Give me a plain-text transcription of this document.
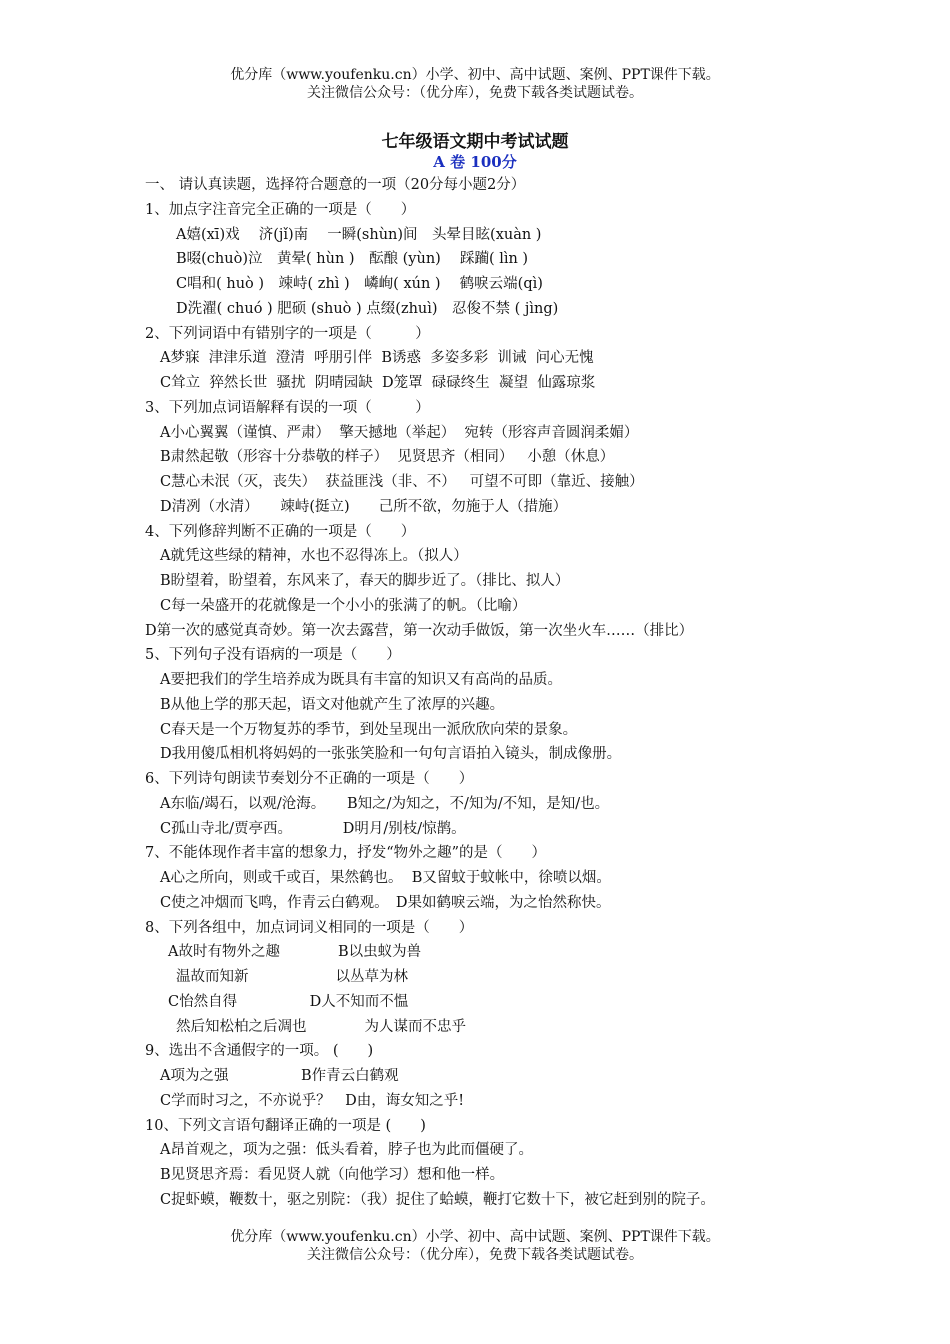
优分库（www.youfenku.cn）小学、初中、高中试题、案例、PPT课件下载。
关注微信公众号：（优分库），免费下载各类试题试卷。
七年级语文期中考试试题
A 卷 100分
一、 请认真读题，选择符合题意的一项（20分每小题2分）
1、加点字注音完全正确的一项是（　　）
A嬉(xī)戏　 济(jǐ)南　 一瞬(shùn)间　头晕目眩(xuàn )
B啜(chuò)泣　黄晕( hùn )　酝酿 (yùn)　 踩躏( lìn )
C唱和( huò )　竦峙( zhì )　嶙峋( xún )　 鹤唳云端(qì)
D洗濯( chuó ) 肥硕 (shuò ) 点缀(zhuì)　忍俊不禁 ( jìng)
2、下列词语中有错别字的一项是（　　　）
A梦寐  津津乐道  澄清  呼朋引伴  B诱惑  多姿多彩  训诫  问心无愧
C耸立  猝然长世  骚扰  阴晴园缺  D笼罩  碌碌终生  凝望  仙露琼浆
3、下列加点词语解释有误的一项（　　　）
A小心翼翼（谨慎、严肃）  擎天撼地（举起）  宛转（形容声音圆润柔媚）
B肃然起敬（形容十分恭敬的样子）  见贤思齐（相同）   小憩（休息）
C慧心未泯（灭，丧失）  获益匪浅（非、不）   可望不可即（靠近、接触）
D清冽（水清）　　竦峙(挺立)　　己所不欲，勿施于人（措施）
4、下列修辞判断不正确的一项是（　　）
A就凭这些绿的精神，水也不忍得冻上。（拟人）
B盼望着，盼望着，东风来了，春天的脚步近了。（排比、拟人）
C每一朵盛开的花就像是一个小小的张满了的帆。（比喻）
D第一次的感觉真奇妙。第一次去露营，第一次动手做饭，第一次坐火车……（排比）
5、下列句子没有语病的一项是（　　）
A要把我们的学生培养成为既具有丰富的知识又有高尚的品质。
B从他上学的那天起，语文对他就产生了浓厚的兴趣。
C春天是一个万物复苏的季节，到处呈现出一派欣欣向荣的景象。
D我用傻瓜相机将妈妈的一张张笑脸和一句句言语拍入镜头，制成像册。
6、下列诗句朗读节奏划分不正确的一项是（　　）
A东临/竭石，以观/沧海。　　B知之/为知之，不/知为/不知，是知/也。
C孤山寺北/贾亭西。　　　　D明月/别枝/惊鹊。
7、不能体现作者丰富的想象力，抒发“物外之趣”的是（　　）
A心之所向，则或千或百，果然鹤也。  B又留蚊于蚊帐中，徐喷以烟。
C使之冲烟而飞鸣，作青云白鹤观。　D果如鹤唳云端，为之怡然称快。
8、下列各组中，加点词词义相同的一项是（　　）
A故时有物外之趣　　　　B以虫蚁为兽
温故而知新　　　　　　以丛草为林
C怡然自得　　　　　D人不知而不愠
然后知松柏之后凋也　　　　为人谋而不忠乎
9、选出不含通假字的一项。 (　　)
A项为之强　　　　　B作青云白鹤观
C学而时习之，不亦说乎？　D由，诲女知之乎!
10、下列文言语句翻译正确的一项是 (　　)
A昂首观之，项为之强：低头看着，脖子也为此而僵硬了。
B见贤思齐焉：看见贤人就（向他学习）想和他一样。
C捉虾蟆，鞭数十，驱之别院：（我）捉住了蛤蟆，鞭打它数十下，被它赶到别的院子。
优分库（www.youfenku.cn）小学、初中、高中试题、案例、PPT课件下载。
关注微信公众号：（优分库），免费下载各类试题试卷。
